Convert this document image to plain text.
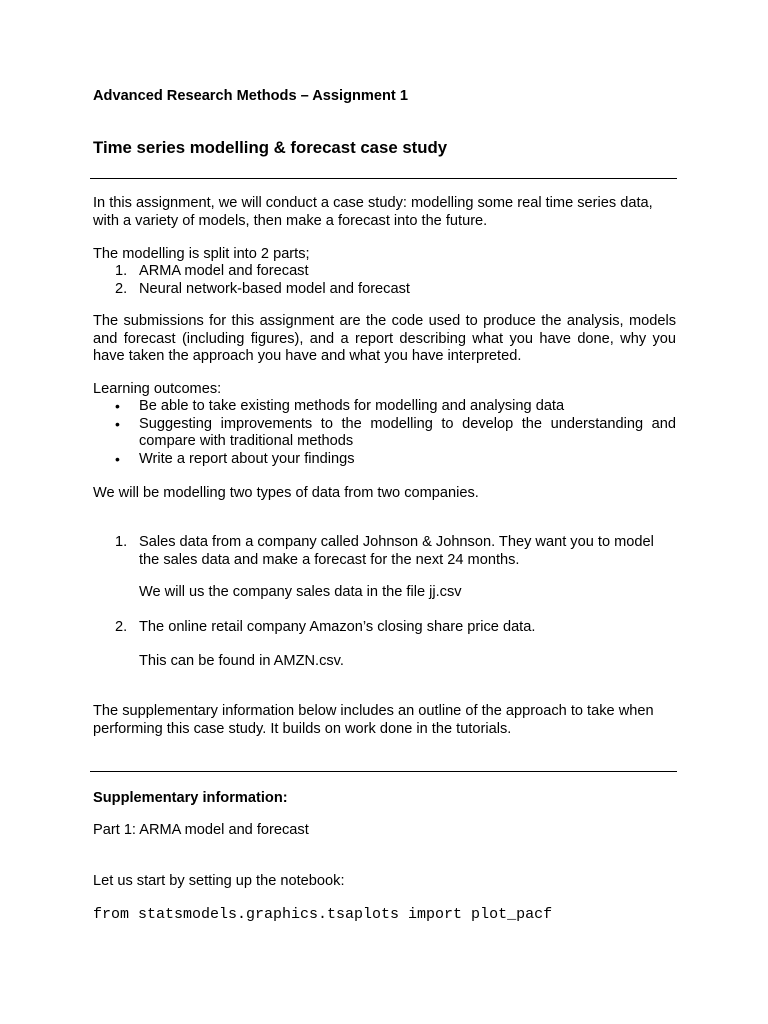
Advanced Research Methods – Assignment 1
Time series modelling & forecast case study

In this assignment, we will conduct a case study: modelling some real time series data, with a variety of models, then make a forecast into the future.

The modelling is split into 2 parts;

1. ARMA model and forecast
2. Neural network-based model and forecast

The submissions for this assignment are the code used to produce the analysis, models and forecast (including figures), and a report describing what you have done, why you have taken the approach you have and what you have interpreted.

Learning outcomes:

• Be able to take existing methods for modelling and analysing data
• Suggesting improvements to the modelling to develop the understanding and compare with traditional methods
• Write a report about your findings

We will be modelling two types of data from two companies.

1. Sales data from a company called Johnson & Johnson. They want you to model the sales data and make a forecast for the next 24 months.

We will us the company sales data in the file jj.csv

2. The online retail company Amazon’s closing share price data.

This can be found in AMZN.csv.

The supplementary information below includes an outline of the approach to take when performing this case study. It builds on work done in the tutorials.

Supplementary information:

Part 1: ARMA model and forecast

Let us start by setting up the notebook:

from statsmodels.graphics.tsaplots import plot_pacf
